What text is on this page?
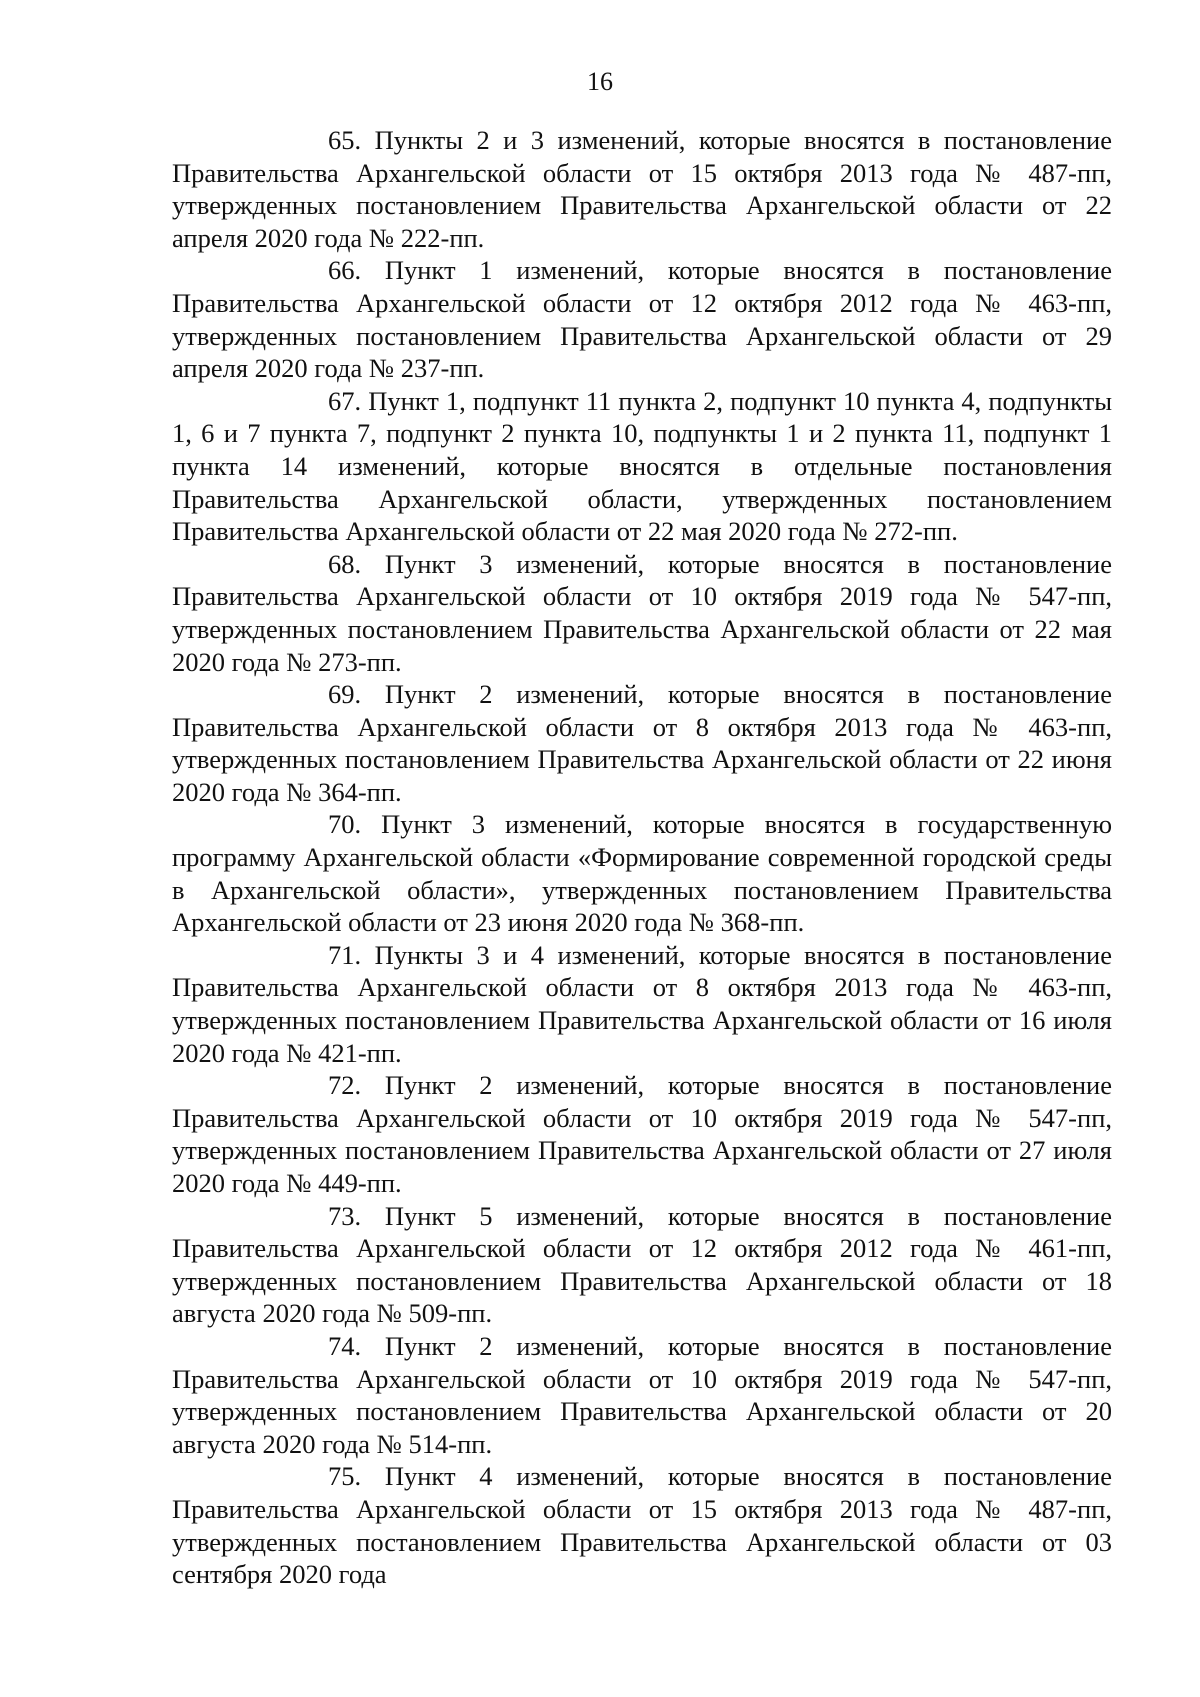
16

65. Пункты 2 и 3 изменений, которые вносятся в постановление Правительства Архангельской области от 15 октября 2013 года № 487-пп, утвержденных постановлением Правительства Архангельской области от 22 апреля 2020 года № 222-пп.

66. Пункт 1 изменений, которые вносятся в постановление Правительства Архангельской области от 12 октября 2012 года № 463-пп, утвержденных постановлением Правительства Архангельской области от 29 апреля 2020 года № 237-пп.

67. Пункт 1, подпункт 11 пункта 2, подпункт 10 пункта 4, подпункты 1, 6 и 7 пункта 7, подпункт 2 пункта 10, подпункты 1 и 2 пункта 11, подпункт 1 пункта 14 изменений, которые вносятся в отдельные постановления Правительства Архангельской области, утвержденных постановлением Правительства Архангельской области от 22 мая 2020 года № 272-пп.

68. Пункт 3 изменений, которые вносятся в постановление Правительства Архангельской области от 10 октября 2019 года № 547-пп, утвержденных постановлением Правительства Архангельской области от 22 мая 2020 года № 273-пп.

69. Пункт 2 изменений, которые вносятся в постановление Правительства Архангельской области от 8 октября 2013 года № 463-пп, утвержденных постановлением Правительства Архангельской области от 22 июня 2020 года № 364-пп.

70. Пункт 3 изменений, которые вносятся в государственную программу Архангельской области «Формирование современной городской среды в Архангельской области», утвержденных постановлением Правительства Архангельской области от 23 июня 2020 года № 368-пп.

71. Пункты 3 и 4 изменений, которые вносятся в постановление Правительства Архангельской области от 8 октября 2013 года № 463-пп, утвержденных постановлением Правительства Архангельской области от 16 июля 2020 года № 421-пп.

72. Пункт 2 изменений, которые вносятся в постановление Правительства Архангельской области от 10 октября 2019 года № 547-пп, утвержденных постановлением Правительства Архангельской области от 27 июля 2020 года № 449-пп.

73. Пункт 5 изменений, которые вносятся в постановление Правительства Архангельской области от 12 октября 2012 года № 461-пп, утвержденных постановлением Правительства Архангельской области от 18 августа 2020 года № 509-пп.

74. Пункт 2 изменений, которые вносятся в постановление Правительства Архангельской области от 10 октября 2019 года № 547-пп, утвержденных постановлением Правительства Архангельской области от 20 августа 2020 года № 514-пп.

75. Пункт 4 изменений, которые вносятся в постановление Правительства Архангельской области от 15 октября 2013 года № 487-пп, утвержденных постановлением Правительства Архангельской области от 03 сентября 2020 года
